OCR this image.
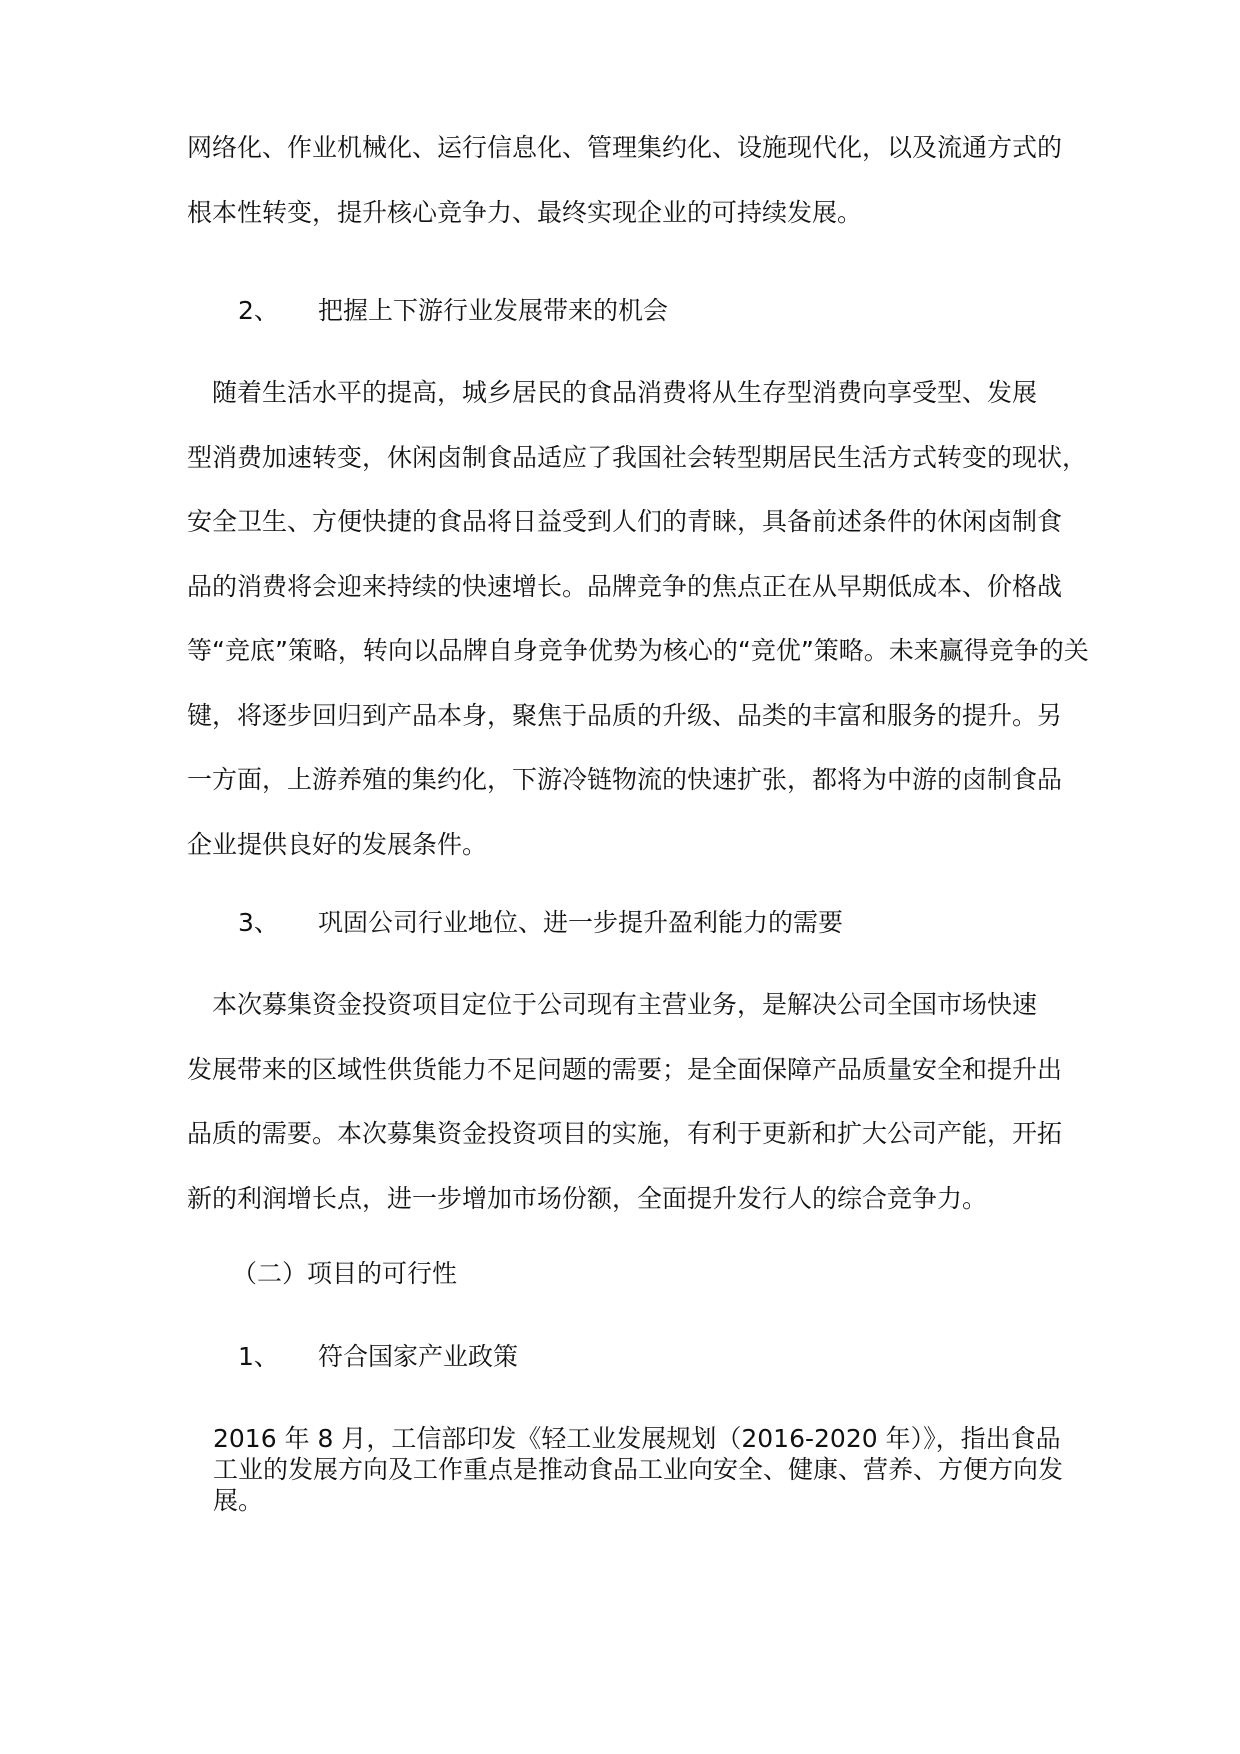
网络化、作业机械化、运行信息化、管理集约化、设施现代化，以及流通方式的
根本性转变，提升核心竞争力、最终实现企业的可持续发展。
2、 把握上下游行业发展带来的机会
　随着生活水平的提高，城乡居民的食品消费将从生存型消费向享受型、发展
型消费加速转变，休闲卤制食品适应了我国社会转型期居民生活方式转变的现状，
安全卫生、方便快捷的食品将日益受到人们的青睐，具备前述条件的休闲卤制食
品的消费将会迎来持续的快速增长。品牌竞争的焦点正在从早期低成本、价格战
等“竞底”策略，转向以品牌自身竞争优势为核心的“竞优”策略。未来赢得竞争的关
键，将逐步回归到产品本身，聚焦于品质的升级、品类的丰富和服务的提升。另
一方面，上游养殖的集约化，下游冷链物流的快速扩张，都将为中游的卤制食品
企业提供良好的发展条件。
3、 巩固公司行业地位、进一步提升盈利能力的需要
　本次募集资金投资项目定位于公司现有主营业务，是解决公司全国市场快速
发展带来的区域性供货能力不足问题的需要；是全面保障产品质量安全和提升出
品质的需要。本次募集资金投资项目的实施，有利于更新和扩大公司产能，开拓
新的利润增长点，进一步增加市场份额，全面提升发行人的综合竞争力。
（二）项目的可行性
1、 符合国家产业政策
2016 年 8 月，工信部印发《轻工业发展规划（2016-2020 年）》，指出食品
工业的发展方向及工作重点是推动食品工业向安全、健康、营养、方便方向发
展。
